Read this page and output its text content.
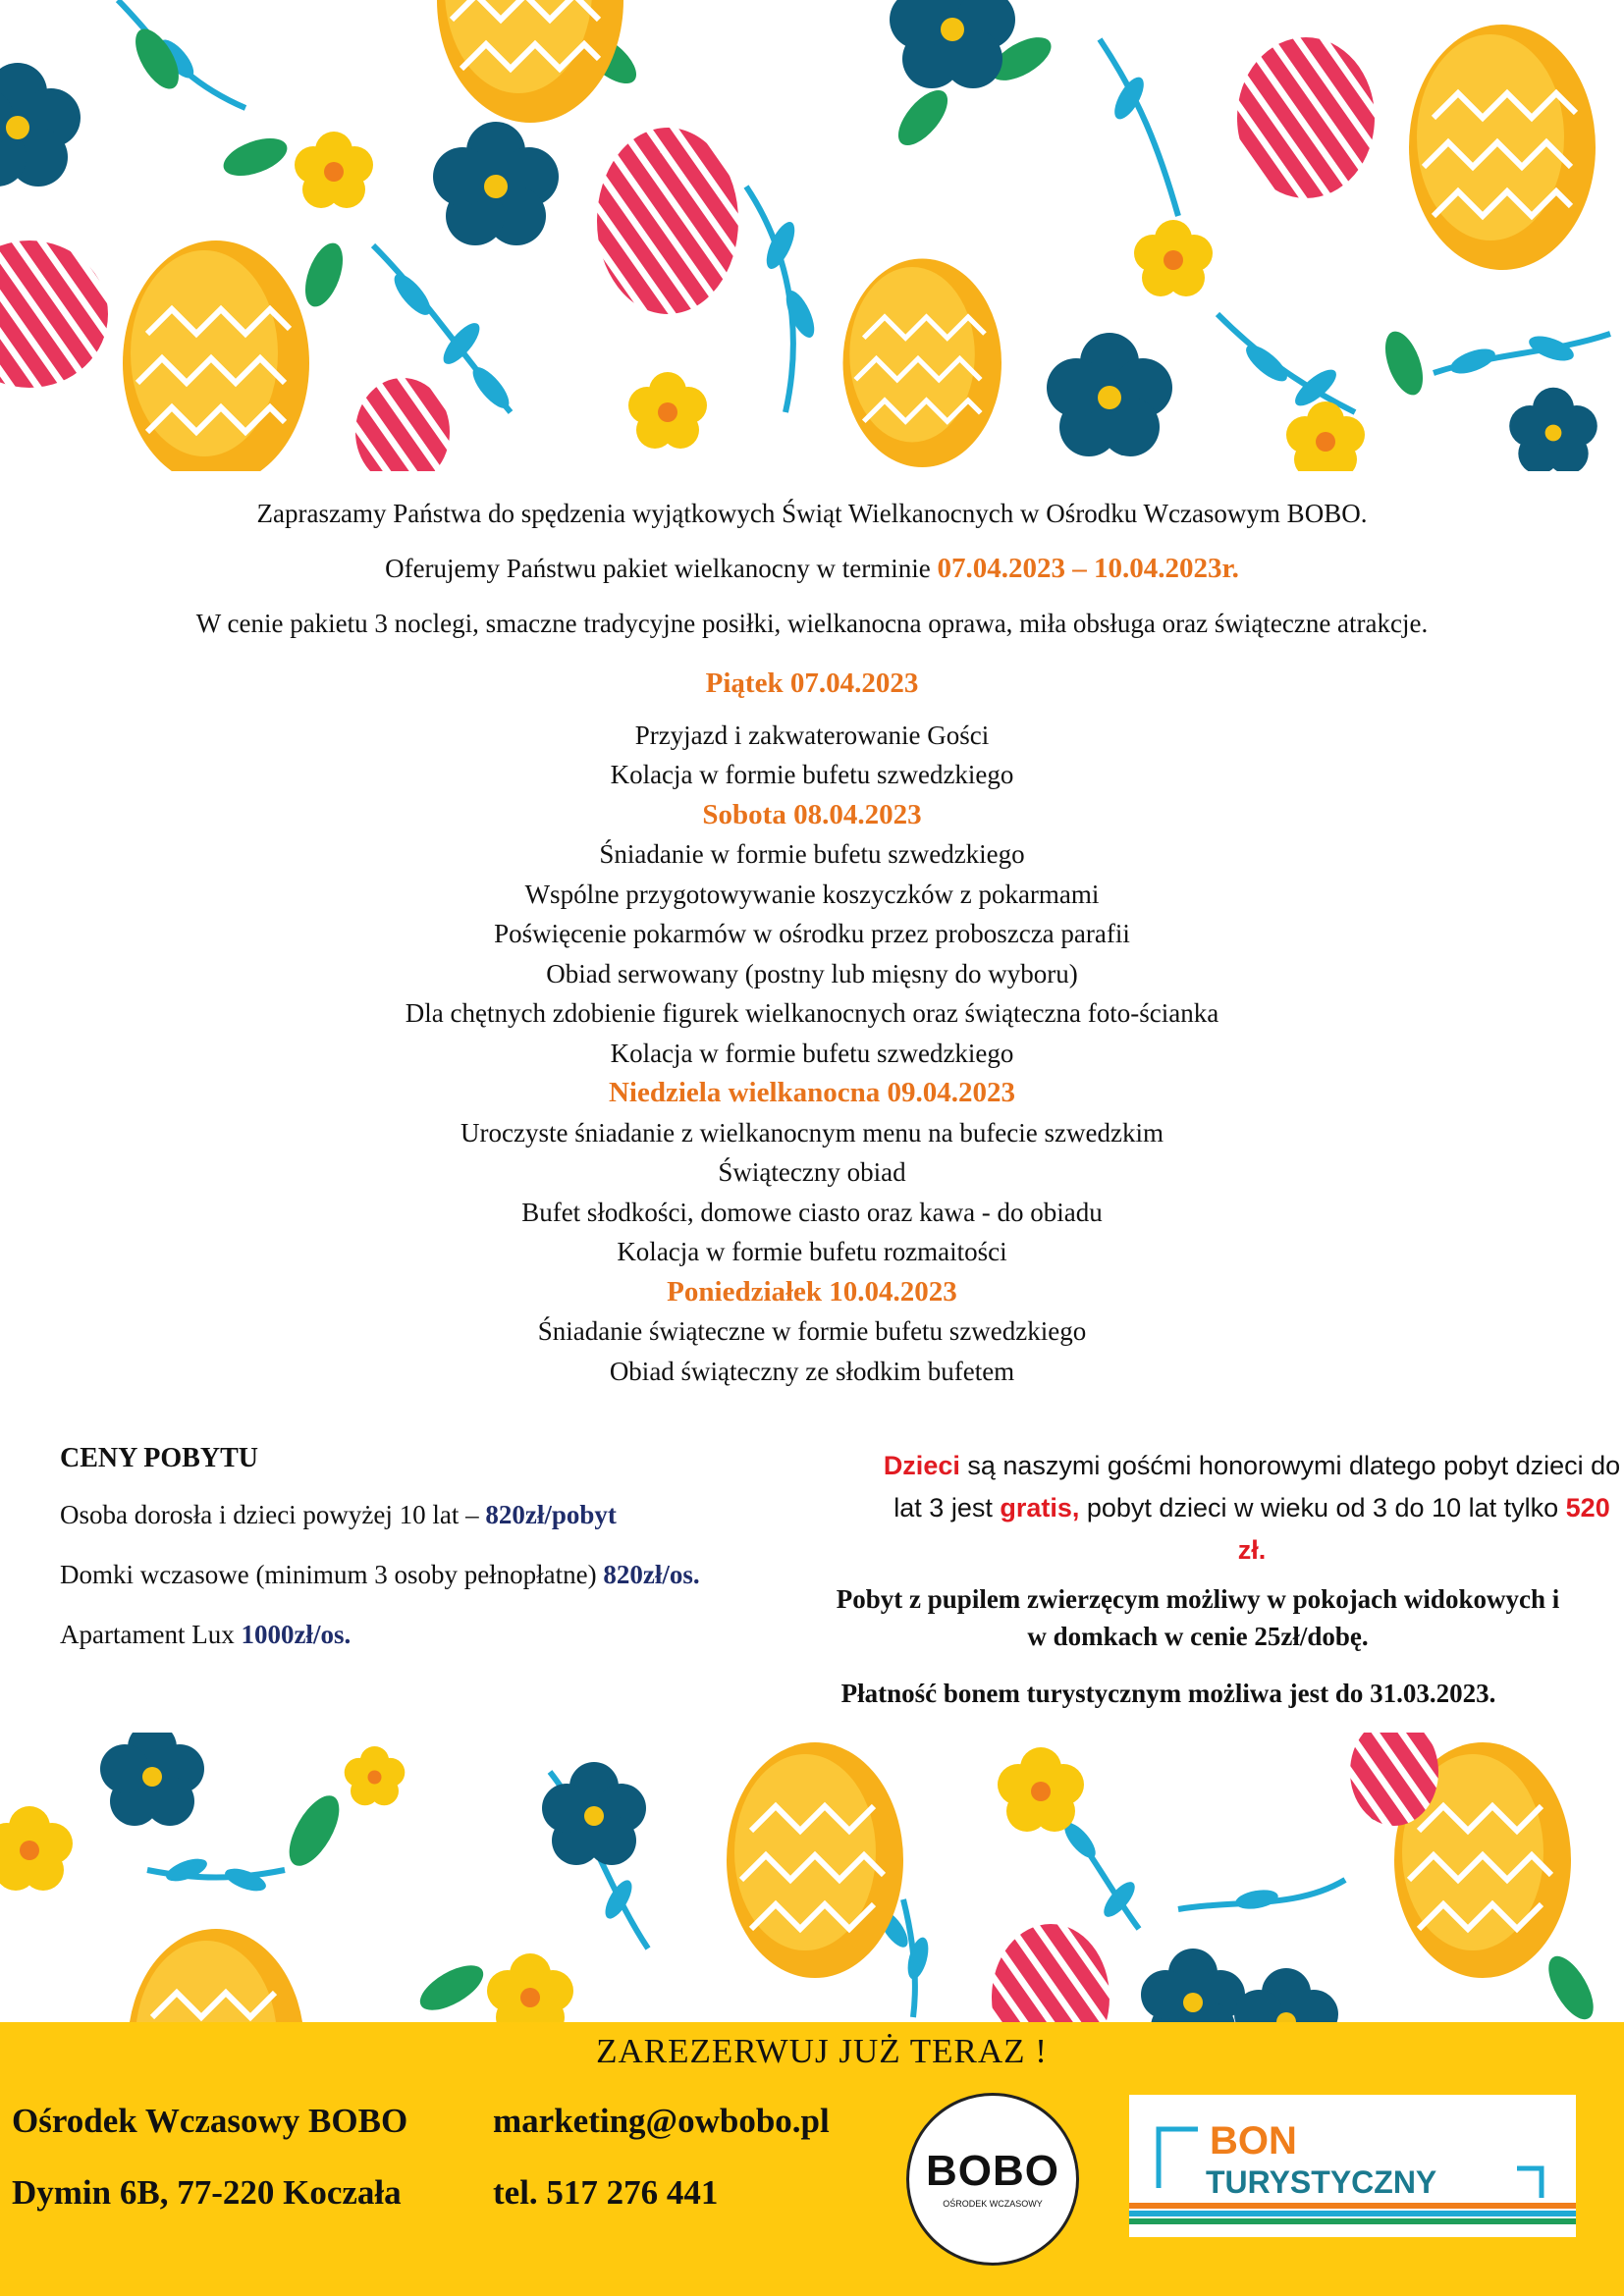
Zapraszamy Państwa do spędzenia wyjątkowych Świąt Wielkanocnych w Ośrodku Wczasowym BOBO.

Oferujemy Państwu pakiet wielkanocny w terminie 07.04.2023 – 10.04.2023r.

W cenie pakietu 3 noclegi, smaczne tradycyjne posiłki, wielkanocna oprawa, miła obsługa oraz świąteczne atrakcje.

Piątek 07.04.2023
Przyjazd i zakwaterowanie Gości
Kolacja w formie bufetu szwedzkiego
Sobota 08.04.2023
Śniadanie w formie bufetu szwedzkiego
Wspólne przygotowywanie koszyczków z pokarmami
Poświęcenie pokarmów w ośrodku przez proboszcza parafii
Obiad serwowany (postny lub mięsny do wyboru)
Dla chętnych zdobienie figurek wielkanocnych oraz świąteczna foto-ścianka
Kolacja w formie bufetu szwedzkiego
Niedziela wielkanocna 09.04.2023
Uroczyste śniadanie z wielkanocnym menu na bufecie szwedzkim
Świąteczny obiad
Bufet słodkości, domowe ciasto oraz kawa - do obiadu
Kolacja w formie bufetu rozmaitości
Poniedziałek 10.04.2023
Śniadanie świąteczne w formie bufetu szwedzkiego
Obiad świąteczny ze słodkim bufetem
CENY POBYTU
Osoba dorosła i dzieci powyżej 10 lat – 820zł/pobyt
Domki wczasowe (minimum 3 osoby pełnopłatne) 820zł/os.
Apartament Lux 1000zł/os.
Dzieci są naszymi gośćmi honorowymi dlatego pobyt dzieci do lat 3 jest gratis, pobyt dzieci w wieku od 3 do 10 lat tylko 520 zł.
Pobyt z pupilem zwierzęcym możliwy w pokojach widokowych i w domkach w cenie 25zł/dobę.
Płatność bonem turystycznym możliwa jest do 31.03.2023.
ZAREZERWUJ JUŻ TERAZ !
Ośrodek Wczasowy BOBO marketing@owbobo.pl
Dymin 6B, 77-220 Koczała	tel. 517 276 441	BOBO
OŚRODEK WCZASOWY
BON
TURYSTYCZNY
